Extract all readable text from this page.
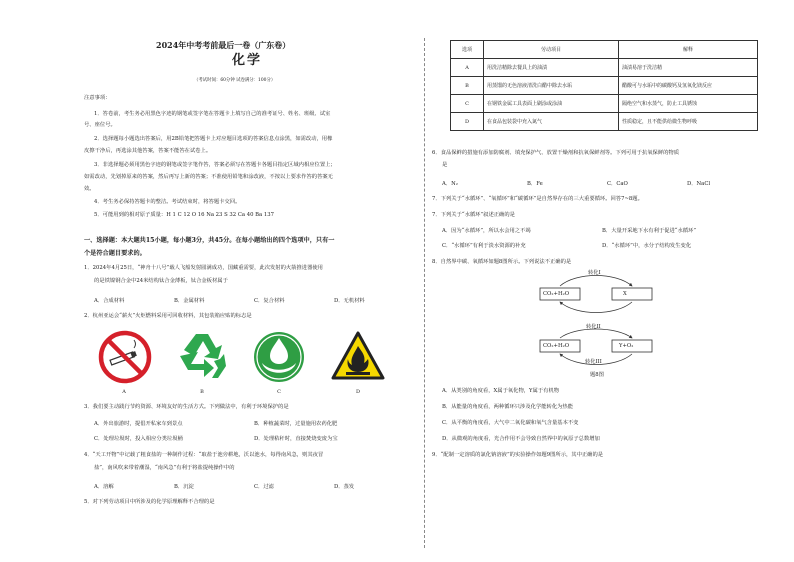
2024年中考考前最后一卷（广东卷）
化学
（考试时间：60分钟 试卷满分：100分）
注意事项：
1．答卷前，考生务必用黑色字迹的钢笔或签字笔在答题卡上填写自己的准考证号、姓名、班级、试室
号、座位号。
2．选择题每小题选出答案后，用2B铅笔把答题卡上对应题目选项的答案信息点涂黑，如需改动，用橡
皮擦干净后，再选涂其他答案，答案不能答在试卷上。
3．非选择题必须用黑色字迹的钢笔或签字笔作答，答案必须写在答题卡各题目指定区域内相应位置上；
如需改动，先划掉原来的答案，然后再写上新的答案；不准使用铅笔和涂改液，不按以上要求作答的答案无
效。
4．考生务必保持答题卡的整洁。考试结束时，将答题卡交回。
5．可能用到的相对原子质量：H 1 C 12 O 16 Na 23 S 32 Ca 40 Ba 137
一、选择题：本大题共15小题，每小题3分，共45分。在每小题给出的四个选项中，只有一
个是符合题目要求的。
1．2024年4月25日，“神舟十八号”载人飞船发射圆满成功，国藏重需要，此次发射的火箭推进器使用
的是铁镍钢合金中24米结构钛合金薄板，钛合金板材属于
A．合成材料	B．金属材料	C．复合材料	D．无机材料
2．杭州亚运会“薪火”火炬燃料采用可回收材料，其包装箱应贴的标志是
A	B	C	D
3．我们要主动践行节约资源、环境友好的生活方式。下列做法中，有利于环境保护的是
A．外出旅游时，提倡开私家车到景点	B．种植蔬菜时，过量施用农药化肥
C．处理垃圾时，投入相应分类垃圾桶	D．处理秸秆时，直接焚烧变废为宝
4．“天工开物”中记载了粗食盐的一种制作过程：“取盐于池旁耕地，沃以池水，每得南风急，则其夜冒
盐”，南风吹来带着潮湿，“南风急”有利于将盐提纯操作中的
A．溶解	B．沉淀	C．过滤	D．蒸发
5．对下列劳动项目中所涉及的化学原理解释不合理的是
选项	劳动项目	解释
A	用洗洁精除去餐具上的油渍	油渍易溶于洗洁精
B	用蒸馏的无色溶液清洗白醋中除去水垢	醋酸可与水垢中的碳酸钙及氢氧化镁反应
C	在钢铁金属工具表面上刷涂或涂油	隔绝空气和水蒸气，防止工具锈蚀
D	在食品包装袋中充入氮气	性质稳定，且不能供给微生物呼吸
6．食品保鲜的措施有添加防腐剂、填充保护气、放置干燥剂和抗氧保鲜剂等。下列可用于抗氧保鲜的物质
是
A．N₂	B．Fe	C．CaO	D．NaCl
7．下列关于“水循环”、“氧循环”和“碳循环”是自然界存在的三大重要循环。回答7~8题。
7．下列关于“水循环”叙述正确的是
A．因为“水循环”，所以水会用之不竭	B．大量开采地下水有利于促进“水循环”
C．“水循环”有利于淡水资源的补充	D．“水循环”中，水分子结构发生变化
8．自然界中碳、氧循环如题8图所示。下列说法不正确的是
转化I
CO₂+H₂O	X
转化II
CO₂+H₂O	Y+O₂
转化III
题8图
A．从类别的角度看，X属于氧化物，Y属于有机物
B．从能量的角度看，两种循环只涉及化学能转化为热能
C．从平衡的角度看，大气中二氧化碳和氧气含量基本不变
D．从微观的角度看，光合作用不会导致自然界中的氧原子总数增加
9．“配制一定溶质的氯化钠溶液”的实验操作如题9图所示，其中正确的是
